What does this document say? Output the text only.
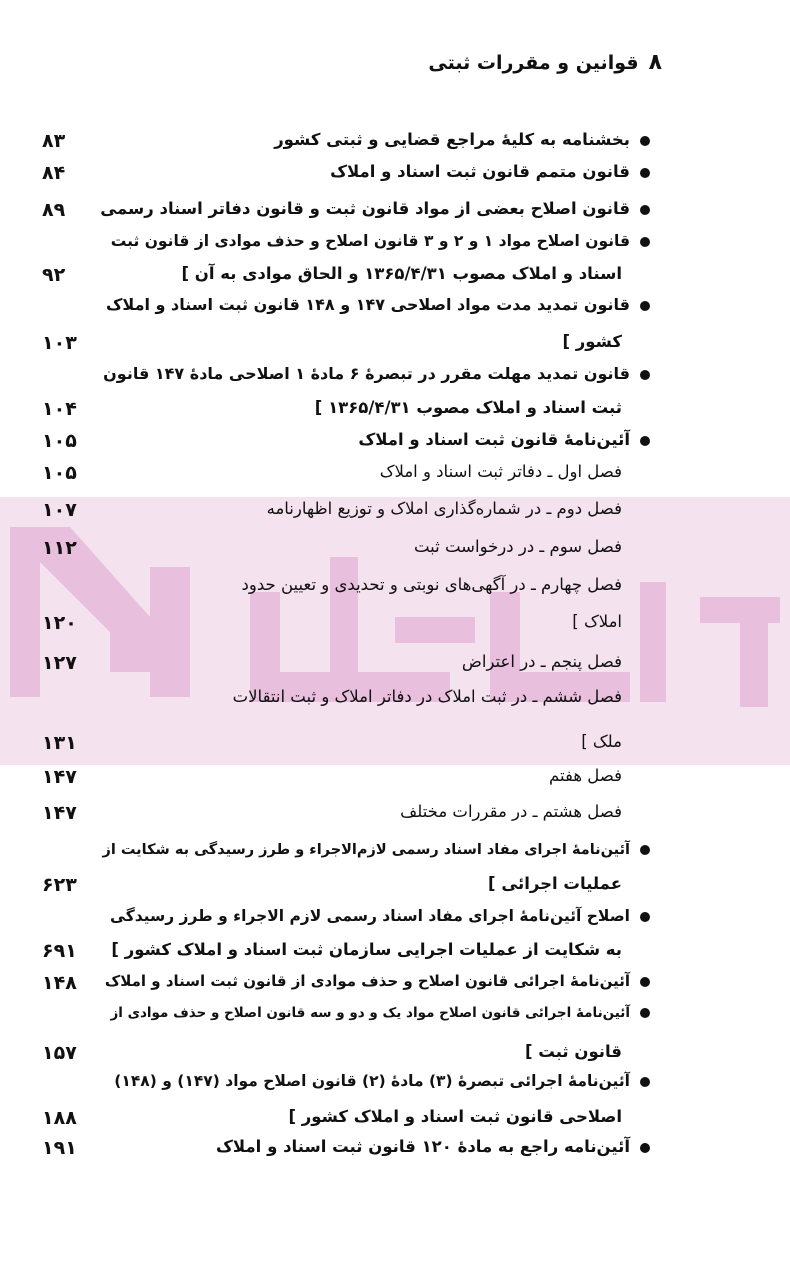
۸
قوانین و مقررات ثبتی
بخشنامه به کلیهٔ مراجع قضایی و ثبتی کشور
۸۳
قانون متمم قانون ثبت اسناد و املاک
۸۴
قانون اصلاح بعضی از مواد قانون ثبت و قانون دفاتر اسناد رسمی
۸۹
قانون اصلاح مواد ۱ و ۲ و ۳ قانون اصلاح و حذف موادی از قانون ثبت
اسناد و املاک مصوب ۱۳۶۵/۴/۳۱ و الحاق موادی به آن ]
۹۲
قانون تمدید مدت مواد اصلاحی ۱۴۷ و ۱۴۸ قانون ثبت اسناد و املاک
کشور ]
۱۰۳
قانون تمدید مهلت مقرر در تبصرهٔ ۶ مادهٔ ۱ اصلاحی مادهٔ ۱۴۷ قانون
ثبت اسناد و املاک مصوب ۱۳۶۵/۴/۳۱ ]
۱۰۴
آئین‌نامهٔ قانون ثبت اسناد و املاک
۱۰۵
فصل اول ـ دفاتر ثبت اسناد و املاک
۱۰۵
فصل دوم ـ در شماره‌گذاری املاک و توزیع اظهارنامه
۱۰۷
فصل سوم ـ در درخواست ثبت
۱۱۲
فصل چهارم ـ در آگهی‌های نوبتی و تحدیدی و تعیین حدود
املاک ]
۱۲۰
فصل پنجم ـ در اعتراض
۱۲۷
فصل ششم ـ در ثبت املاک در دفاتر املاک و ثبت انتقالات
ملک ]
۱۳۱
فصل هفتم
۱۴۷
فصل هشتم ـ در مقررات مختلف
۱۴۷
آئین‌نامهٔ اجرای مفاد اسناد رسمی لازم‌الاجراء و طرز رسیدگی به شکایت از
عملیات اجرائی ]
۶۲۳
اصلاح آئین‌نامهٔ اجرای مفاد اسناد رسمی لازم الاجراء و طرز رسیدگی
به شکایت از عملیات اجرایی سازمان ثبت اسناد و املاک کشور ]
۶۹۱
آئین‌نامهٔ اجرائی قانون اصلاح و حذف موادی از قانون ثبت اسناد و املاک
۱۴۸
آئین‌نامهٔ اجرائی قانون اصلاح مواد یک و دو و سه قانون اصلاح و حذف موادی از
قانون ثبت ]
۱۵۷
آئین‌نامهٔ اجرائی تبصرهٔ (۳) مادهٔ (۲) قانون اصلاح مواد (۱۴۷) و (۱۴۸)
اصلاحی قانون ثبت اسناد و املاک کشور ]
۱۸۸
آئین‌نامه راجع به مادهٔ ۱۲۰ قانون ثبت اسناد و املاک
۱۹۱
